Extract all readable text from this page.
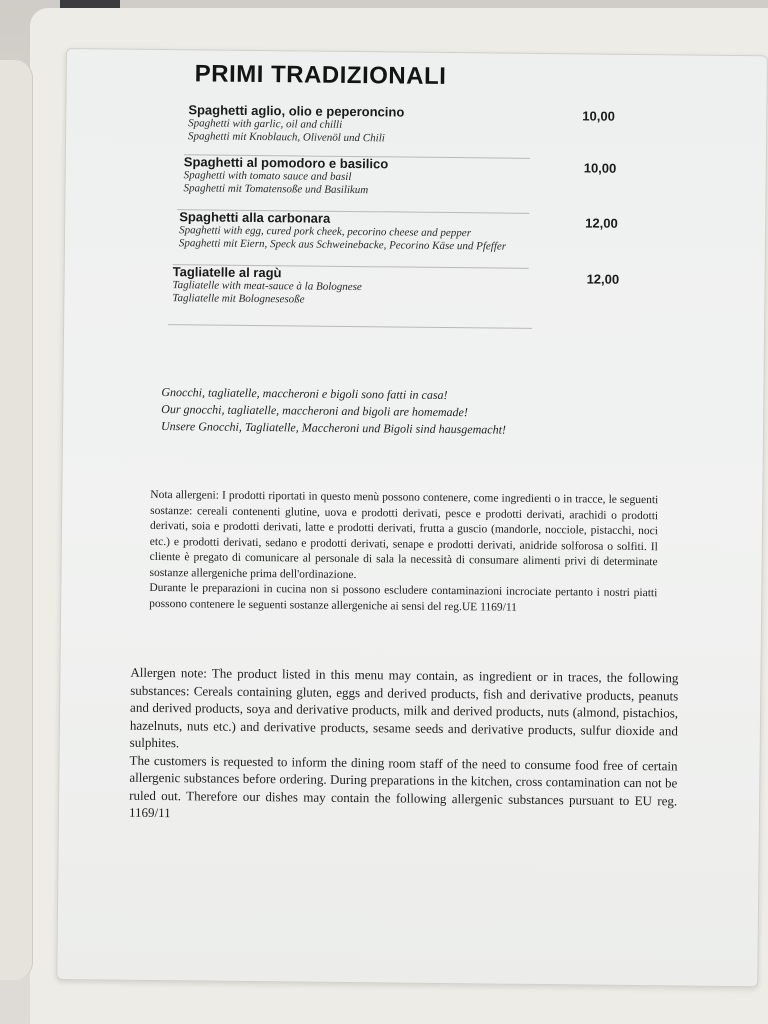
PRIMI TRADIZIONALI
Spaghetti aglio, olio e peperoncino
Spaghetti with garlic, oil and chilli
Spaghetti mit Knoblauch, Olivenöl und Chili
10,00
Spaghetti al pomodoro e basilico
Spaghetti with tomato sauce and basil
Spaghetti mit Tomatensoße und Basilikum
10,00
Spaghetti alla carbonara
Spaghetti with egg, cured pork cheek, pecorino cheese and pepper
Spaghetti mit Eiern, Speck aus Schweinebacke, Pecorino Käse und Pfeffer
12,00
Tagliatelle al ragù
Tagliatelle with meat-sauce à la Bolognese
Tagliatelle mit Bolognesesoße
12,00
Gnocchi, tagliatelle, maccheroni e bigoli sono fatti in casa!
Our gnocchi, tagliatelle, maccheroni and bigoli are homemade!
Unsere Gnocchi, Tagliatelle, Maccheroni und Bigoli sind hausgemacht!

Nota allergeni: I prodotti riportati in questo menù possono contenere, come ingredienti o in tracce, le seguenti sostanze: cereali contenenti glutine, uova e prodotti derivati, pesce e prodotti derivati, arachidi o prodotti derivati, soia e prodotti derivati, latte e prodotti derivati, frutta a guscio (mandorle, nocciole, pistacchi, noci etc.) e prodotti derivati, sedano e prodotti derivati, senape e prodotti derivati, anidride solforosa o solfiti. Il cliente è pregato di comunicare al personale di sala la necessità di consumare alimenti privi di determinate sostanze allergeniche prima dell'ordinazione.

Durante le preparazioni in cucina non si possono escludere contaminazioni incrociate pertanto i nostri piatti possono contenere le seguenti sostanze allergeniche ai sensi del reg.UE 1169/11

Allergen note: The product listed in this menu may contain, as ingredient or in traces, the following substances: Cereals containing gluten, eggs and derived products, fish and derivative products, peanuts and derived products, soya and derivative products, milk and derived products, nuts (almond, pistachios, hazelnuts, nuts etc.) and derivative products, sesame seeds and derivative products, sulfur dioxide and sulphites.

The customers is requested to inform the dining room staff of the need to consume food free of certain allergenic substances before ordering. During preparations in the kitchen, cross contamination can not be ruled out. Therefore our dishes may contain the following allergenic substances pursuant to EU reg. 1169/11
